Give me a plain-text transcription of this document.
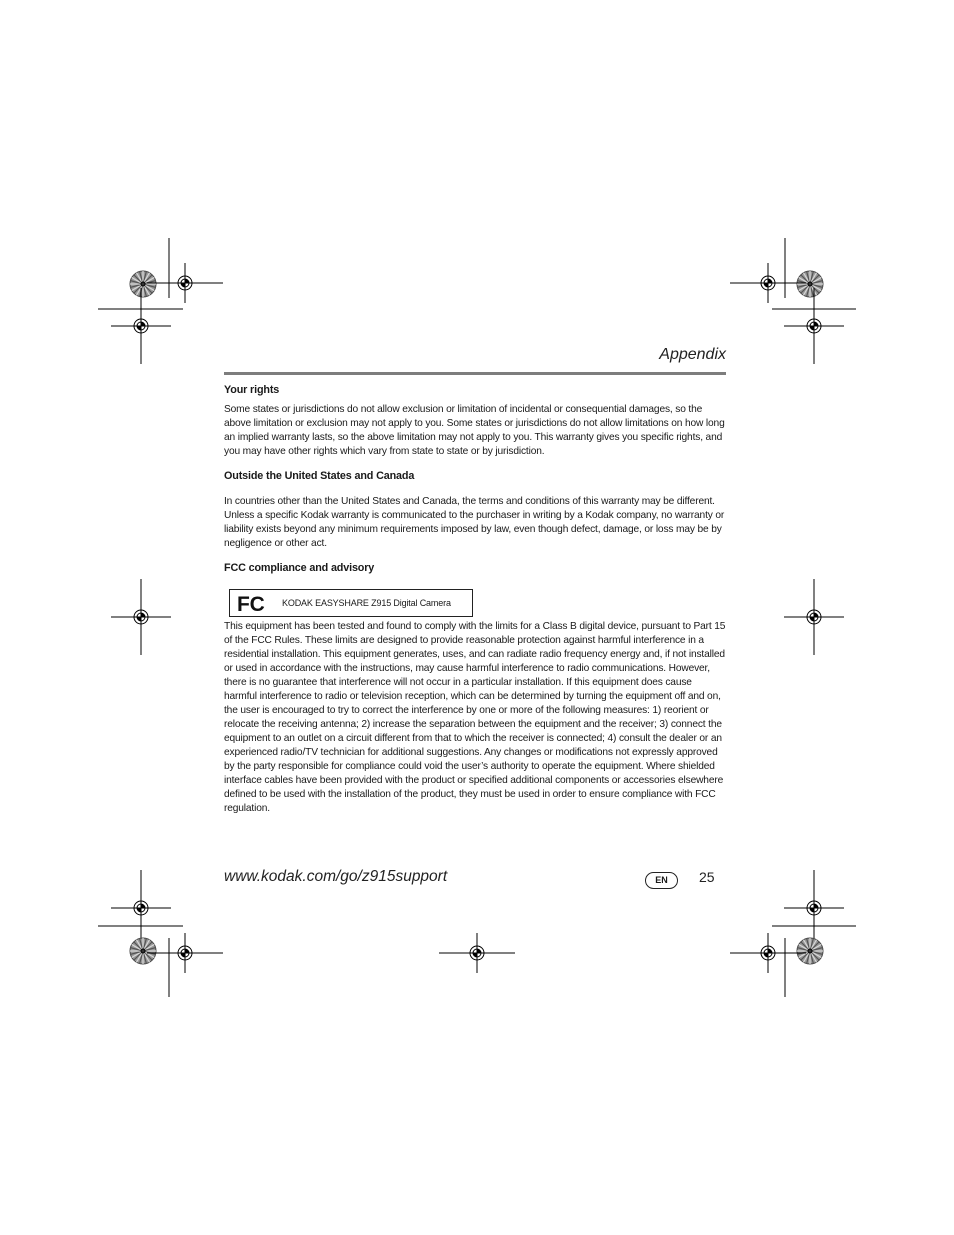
Appendix
Your rights

Some states or jurisdictions do not allow exclusion or limitation of incidental or consequential damages, so the above limitation or exclusion may not apply to you. Some states or jurisdictions do not allow limitations on how long an implied warranty lasts, so the above limitation may not apply to you. This warranty gives you specific rights, and you may have other rights which vary from state to state or by jurisdiction.

Outside the United States and Canada

In countries other than the United States and Canada, the terms and conditions of this warranty may be different. Unless a specific Kodak warranty is communicated to the purchaser in writing by a Kodak company, no warranty or liability exists beyond any minimum requirements imposed by law, even though defect, damage, or loss may be by negligence or other act.

FCC compliance and advisory
FC KODAK EASYSHARE Z915 Digital Camera

This equipment has been tested and found to comply with the limits for a Class B digital device, pursuant to Part 15 of the FCC Rules. These limits are designed to provide reasonable protection against harmful interference in a residential installation. This equipment generates, uses, and can radiate radio frequency energy and, if not installed or used in accordance with the instructions, may cause harmful interference to radio communications. However, there is no guarantee that interference will not occur in a particular installation. If this equipment does cause harmful interference to radio or television reception, which can be determined by turning the equipment off and on, the user is encouraged to try to correct the interference by one or more of the following measures: 1) reorient or relocate the receiving antenna; 2) increase the separation between the equipment and the receiver; 3) connect the equipment to an outlet on a circuit different from that to which the receiver is connected; 4) consult the dealer or an experienced radio/TV technician for additional suggestions. Any changes or modifications not expressly approved by the party responsible for compliance could void the user’s authority to operate the equipment. Where shielded interface cables have been provided with the product or specified additional components or accessories elsewhere defined to be used with the installation of the product, they must be used in order to ensure compliance with FCC regulation.

www.kodak.com/go/z915support	EN	25
